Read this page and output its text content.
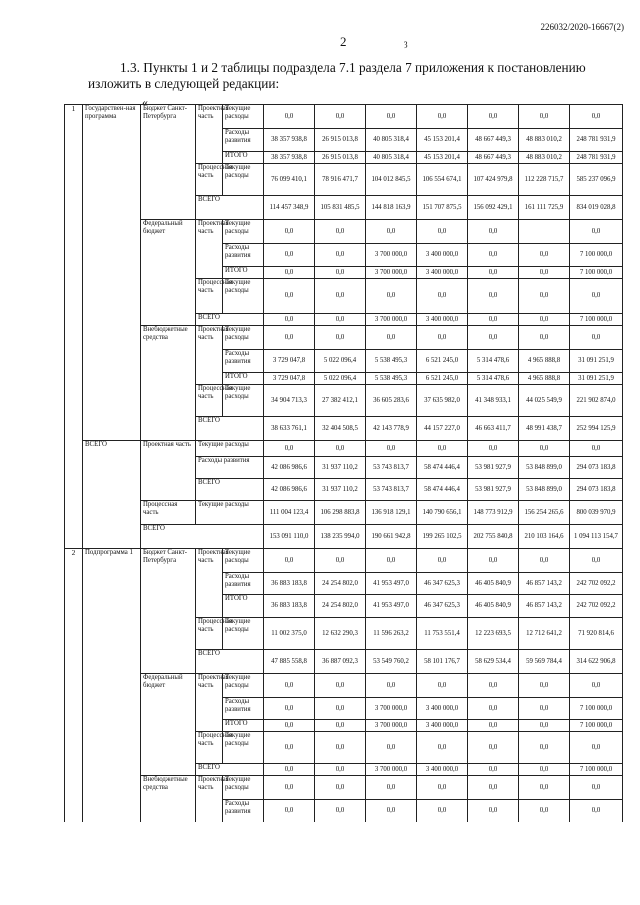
226032/2020-16667(2)
2	ȝ
1.3. Пункты 1 и 2 таблицы подраздела 7.1 раздела 7 приложения к постановлению
изложить в следующей редакции:
«
1	Государствен-ная программа	Бюджет Санкт-Петербурга	Проектная часть	Текущие расходы	0,0	0,0	0,0	0,0	0,0	0,0	0,0
				Расходы развития	38 357 938,8	26 915 013,8	40 805 318,4	45 153 201,4	48 667 449,3	48 883 010,2	248 781 931,9
				ИТОГО	38 357 938,8	26 915 013,8	40 805 318,4	45 153 201,4	48 667 449,3	48 883 010,2	248 781 931,9
			Процессная часть	Текущие расходы	76 099 410,1	78 916 471,7	104 012 845,5	106 554 674,1	107 424 979,8	112 228 715,7	585 237 096,9
			ВСЕГО		114 457 348,9	105 831 485,5	144 818 163,9	151 707 875,5	156 092 429,1	161 111 725,9	834 019 028,8
		Федеральный бюджет	Проектная часть	Текущие расходы	0,0	0,0	0,0	0,0	0,0		0,0
				Расходы развития	0,0	0,0	3 700 000,0	3 400 000,0	0,0	0,0	7 100 000,0
				ИТОГО	0,0	0,0	3 700 000,0	3 400 000,0	0,0	0,0	7 100 000,0
			Процессная часть	Текущие расходы	0,0	0,0	0,0	0,0	0,0	0,0	0,0
			ВСЕГО		0,0	0,0	3 700 000,0	3 400 000,0	0,0	0,0	7 100 000,0
		Внебюджетные средства	Проектная часть	Текущие расходы	0,0	0,0	0,0	0,0	0,0	0,0	0,0
				Расходы развития	3 729 047,8	5 022 096,4	5 538 495,3	6 521 245,0	5 314 478,6	4 965 888,8	31 091 251,9
				ИТОГО	3 729 047,8	5 022 096,4	5 538 495,3	6 521 245,0	5 314 478,6	4 965 888,8	31 091 251,9
			Процессная часть	Текущие расходы	34 904 713,3	27 382 412,1	36 605 283,6	37 635 982,0	41 348 933,1	44 025 549,9	221 902 874,0
			ВСЕГО		38 633 761,1	32 404 508,5	42 143 778,9	44 157 227,0	46 663 411,7	48 991 438,7	252 994 125,9
	ВСЕГО	Проектная часть	Текущие расходы		0,0	0,0	0,0	0,0	0,0	0,0	0,0
			Расходы развития		42 086 986,6	31 937 110,2	53 743 813,7	58 474 446,4	53 981 927,9	53 848 899,0	294 073 183,8
			ВСЕГО		42 086 986,6	31 937 110,2	53 743 813,7	58 474 446,4	53 981 927,9	53 848 899,0	294 073 183,8
		Процессная часть	Текущие расходы		111 004 123,4	106 298 883,8	136 918 129,1	140 790 656,1	148 773 912,9	156 254 265,6	800 039 970,9
		ВСЕГО			153 091 110,0	138 235 994,0	190 661 942,8	199 265 102,5	202 755 840,8	210 103 164,6	1 094 113 154,7
2	Подпрограмма 1	Бюджет Санкт-Петербурга	Проектная часть	Текущие расходы	0,0	0,0	0,0	0,0	0,0	0,0	0,0
				Расходы развития	36 883 183,8	24 254 802,0	41 953 497,0	46 347 625,3	46 405 840,9	46 857 143,2	242 702 092,2
				ИТОГО	36 883 183,8	24 254 802,0	41 953 497,0	46 347 625,3	46 405 840,9	46 857 143,2	242 702 092,2
			Процессная часть	Текущие расходы	11 002 375,0	12 632 290,3	11 596 263,2	11 753 551,4	12 223 693,5	12 712 641,2	71 920 814,6
			ВСЕГО		47 885 558,8	36 887 092,3	53 549 760,2	58 101 176,7	58 629 534,4	59 569 784,4	314 622 906,8
		Федеральный бюджет	Проектная часть	Текущие расходы	0,0	0,0	0,0	0,0	0,0	0,0	0,0
				Расходы развития	0,0	0,0	3 700 000,0	3 400 000,0	0,0	0,0	7 100 000,0
				ИТОГО	0,0	0,0	3 700 000,0	3 400 000,0	0,0	0,0	7 100 000,0
			Процессная часть	Текущие расходы	0,0	0,0	0,0	0,0	0,0	0,0	0,0
			ВСЕГО		0,0	0,0	3 700 000,0	3 400 000,0	0,0	0,0	7 100 000,0
		Внебюджетные средства	Проектная часть	Текущие расходы	0,0	0,0	0,0	0,0	0,0	0,0	0,0
				Расходы развития	0,0	0,0	0,0	0,0	0,0	0,0	0,0
